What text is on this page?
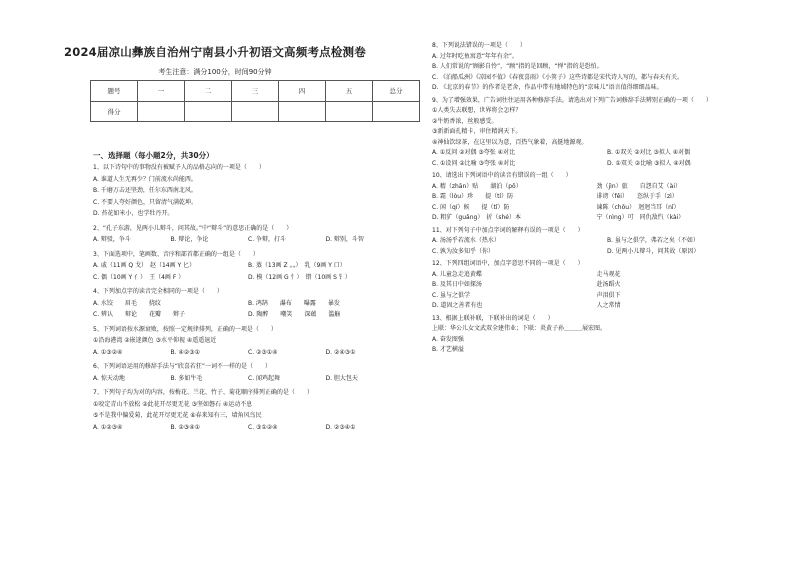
2024届凉山彝族自治州宁南县小升初语文高频考点检测卷
考生注意：满分100分，时间90分钟
题号	一	二	三	四	五	总分
得分						
一、选择题（每小题2分，共30分）
1、以下诗句中的事物没有被赋予人的品格志向的一项是（　　）
A. 谁道人生无再少？门前流水尚能西。
B. 千磨万击还坚劲，任尔东西南北风。
C. 不要人夸好颜色，只留清气满乾坤。
D. 苔花如米小，也学牡丹开。
2、“孔子东游，见两小儿辩斗，问其故。”中“辩斗”的意思正确的是（　　）
A. 辩驳，争斗	B. 辩论，争论	C. 争辩，打斗	D. 辩别，斗智
3、下面选项中，笔画数、音序和部首都正确的一组是（　　）
A. 戚（11画 Q 戈）　赵（14画 Y 匕）	B. 蒸（13画 Z 灬）　乳（9画 Y 口）
C. 偶（10画 Y 亻）　王（4画 F ）	D. 模（12画 G 忄）　错（10画 S 钅）
4、下列加点字的读音完全相同的一项是（　　）
A. 水饺　　眉毛　　挠纹	B. 鸿鹄　　瀑布　　曝露　　暴发
C. 辨认　　辩论　　花瓣　　辫子	D. 陶醉　　嘲笑　　深蕴　　滥觞
5、下列词语按水源衰败，按照一定规律排列，正确的一项是（　　）
①沿海港湾 ②嵌迷颜色 ③水平仰视 ④遥遥退近
A. ①③②④	B. ④②③①	C. ②③①④	D. ②④③①
6、下列词语运用的修辞手法与“欣喜若狂”一词不一样的是（　　）
A. 惊天动地	B. 多如牛毛	C. 闻鸡起舞	D. 胆大包天
7、下列句子均为对的内容，按梅花、兰花、竹子、菊花顺序排列正确的是（　　）
①咬定青山不放松 ②此花开尽更无花 ③坚如磐石 ④运动不息
⑤不是我中偏爱菊，此花开尽更无花 ⑥春来知有三，墙角风鸟民
A. ①②③④	B. ②③④①	C. ③①②④	D. ②③④①
8、下列说法错误的一项是（　　）
A. 过年时吃鱼寓意“年年有余”。
B. 人们常说的“顾影自怜”，“顾”指的是回顾，“惮”指的是恐怕。
C. 《泊船瓜洲》《凉园不值》《春夜喜雨》《小箕子》这些诗都是宋代诗人写的，都与春天有关。
D. 《北京的春节》的作者是老舍，作品中带有地域特色的“京味儿”语言值得细细品味。
9、为了增强效果，广告词往往运用各种修辞手法。请选出对下列广告词修辞手法辨别正确的一项（　　）
①人类失去联想，世界将会怎样？
②牛奶香浓，丝般感受。
③新新面孔精卡，审住精润天下。
④神仙饮绿茶，在这里以为意，百热气象着，高挺地源观。
A. ①反问 ②对偶 ③夸张 ④对比	B. ①双关 ②对比 ③拟人 ④对偶
C. ①设问 ②比喻 ③夸张 ④对比	D. ①双关 ②比喻 ③拟人 ④对偶
10、请选出下列词语中的读音有错误的一组（　　）
A. 精（zhān）贴　　湖泊（pō）	劲（jìn）旅　　自怨自艾（ài）
B. 霜（lòu）珍　　提（tí）防	诽谤（fěi）　　恣纵于手（zì）
C. 闲（qí）候　　提（tǐ）防	谏陈（chōu）　迥迥当耳（nǐ）
D. 粗犷（guǎng）　折（shé）本	宁（nìng）可　同仇敌忾（kài）
11、对下列句子中加点字词的解释有误的一项是（　　）
A. 汤汤乎若流水（热水）	B. 虽与之俱学，弗若之矣（不如）
C. 孰为汝多知乎（你）	D. 见两小儿辩斗，问其故（原因）
12、下列四组词语中，加点字意思不同的一项是（　　）
A. 儿童急走追黄蝶	走马观花
B. 及其日中如探汤	赴汤蹈火
C. 虽与之俱学	声泪俱下
D. 道固之善者有也	人之常情
13、根据上联补联，下联补出的词是（　　）
上联：华公儿女文武双全建伟业；下联：炎黄子孙＿＿＿展宏图。
A. 奋发图强
B. 才艺横溢
